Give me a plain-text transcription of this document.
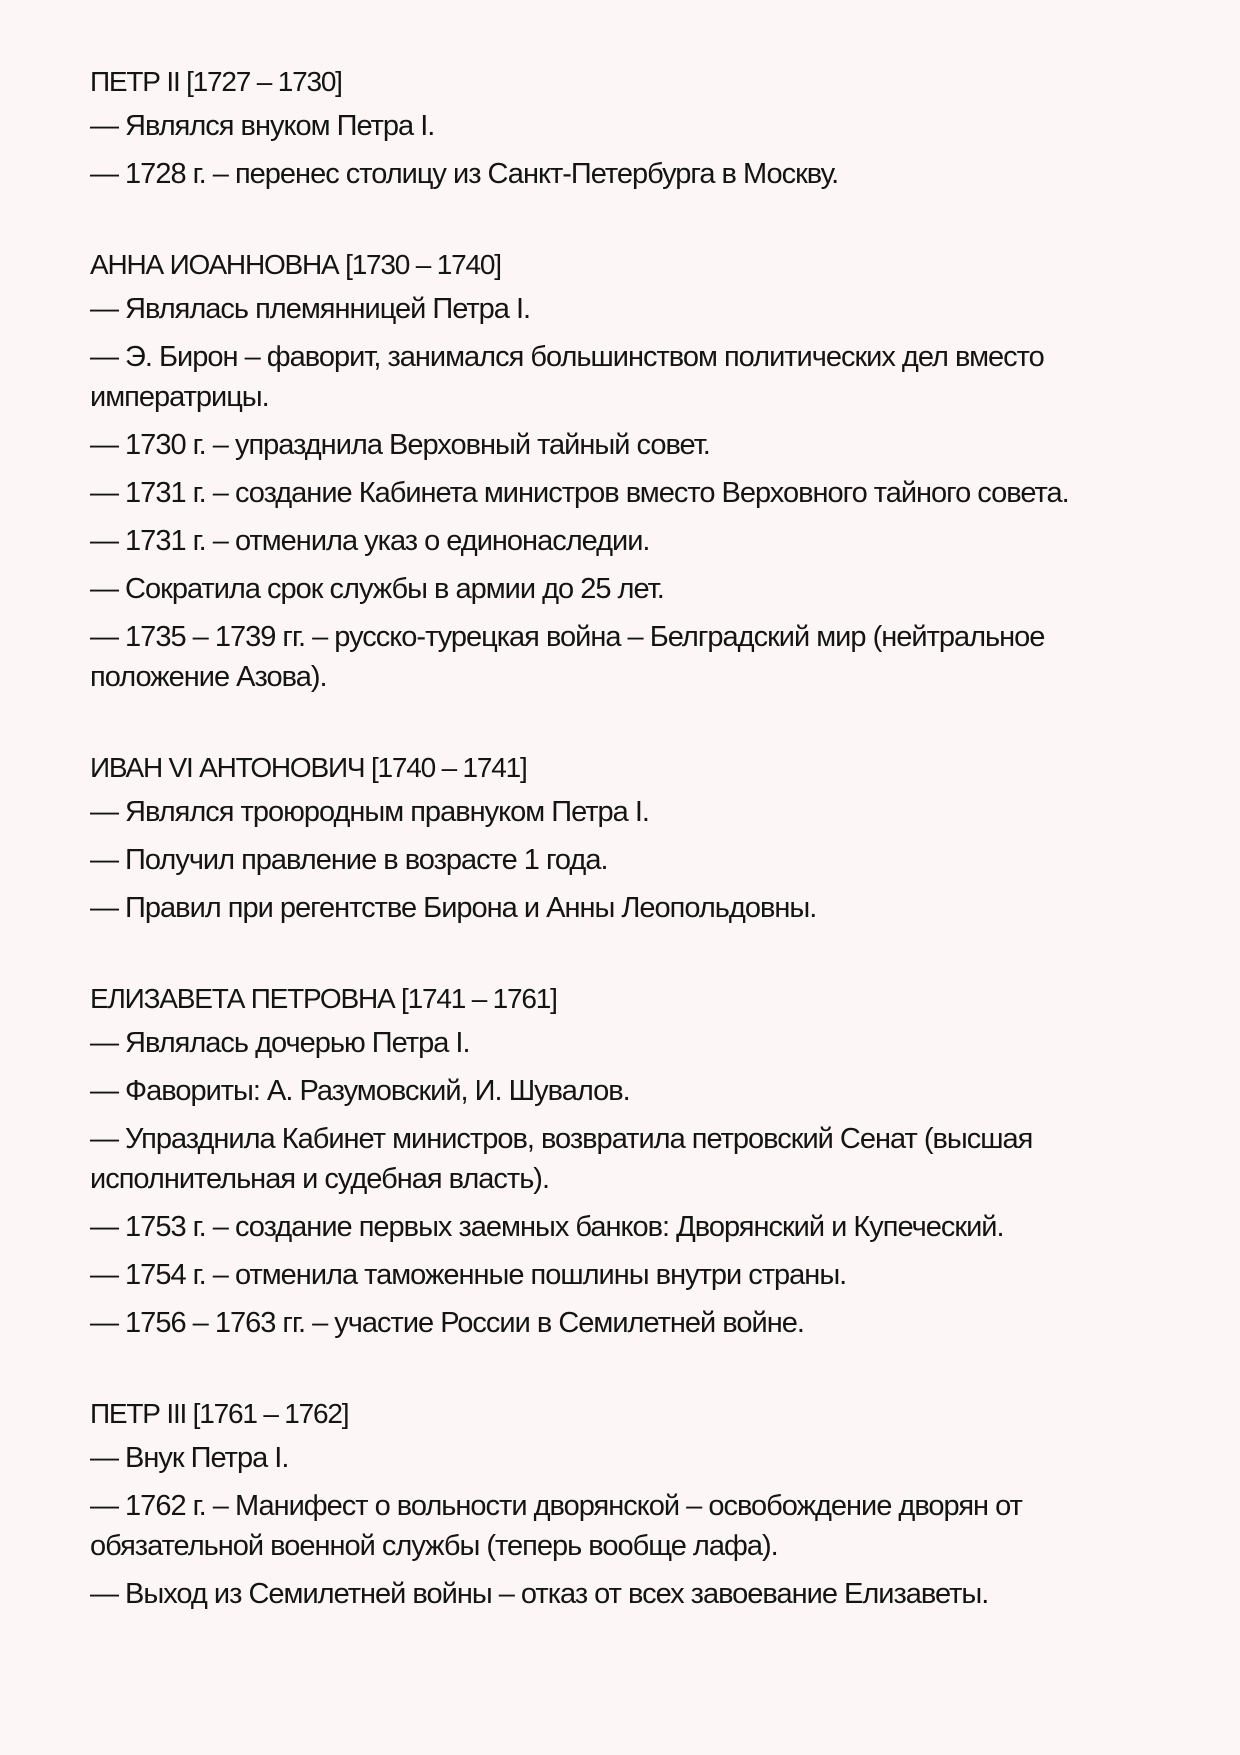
ПЕТР II [1727 – 1730]

— Являлся внуком Петра I.

— 1728 г. – перенес столицу из Санкт-Петербурга в Москву.

АННА ИОАННОВНА [1730 – 1740]

— Являлась племянницей Петра I.

— Э. Бирон – фаворит, занимался большинством политических дел вместо императрицы.

— 1730 г. – упразднила Верховный тайный совет.

— 1731 г. – создание Кабинета министров вместо Верховного тайного совета.

— 1731 г. – отменила указ о единонаследии.

— Сократила срок службы в армии до 25 лет.

— 1735 – 1739 гг. – русско-турецкая война – Белградский мир (нейтральное положение Азова).

ИВАН VI АНТОНОВИЧ [1740 – 1741]

— Являлся троюродным правнуком Петра I.

— Получил правление в возрасте 1 года.

— Правил при регентстве Бирона и Анны Леопольдовны.

ЕЛИЗАВЕТА ПЕТРОВНА [1741 – 1761]

— Являлась дочерью Петра I.

— Фавориты: А. Разумовский, И. Шувалов.

— Упразднила Кабинет министров, возвратила петровский Сенат (высшая исполнительная и судебная власть).

— 1753 г. – создание первых заемных банков: Дворянский и Купеческий.

— 1754 г. – отменила таможенные пошлины внутри страны.

— 1756 – 1763 гг. – участие России в Семилетней войне.

ПЕТР III [1761 – 1762]

— Внук Петра I.

— 1762 г. – Манифест о вольности дворянской – освобождение дворян от обязательной военной службы (теперь вообще лафа).

— Выход из Семилетней войны – отказ от всех завоевание Елизаветы.
